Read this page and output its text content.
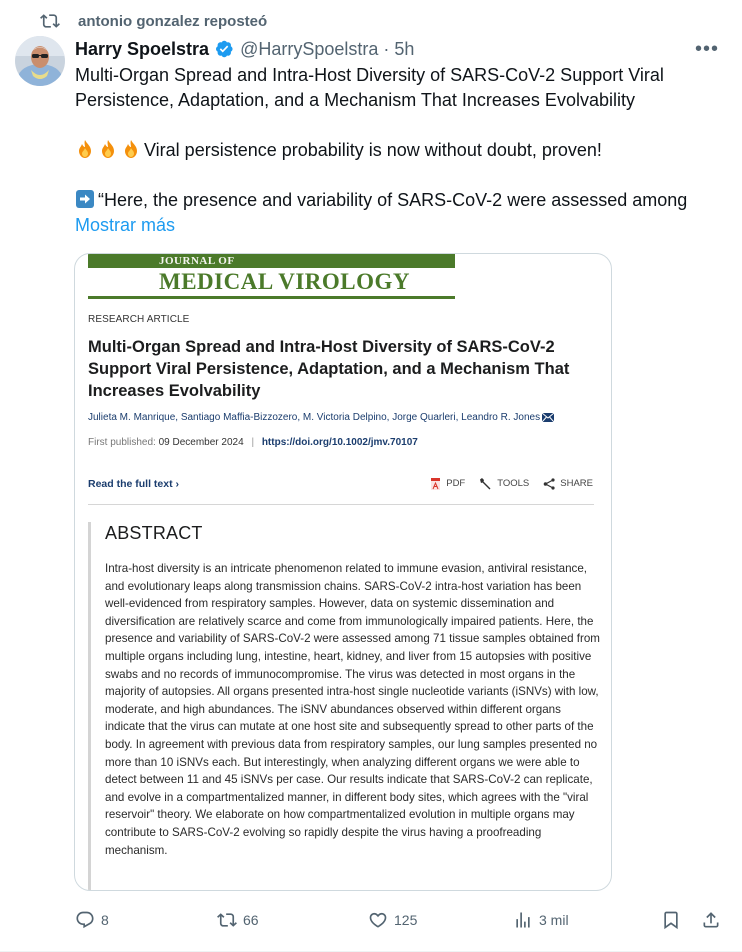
antonio gonzalez reposteó
Harry Spoelstra @HarrySpoelstra · 5h	•••

Multi-Organ Spread and Intra-Host Diversity of SARS-CoV-2 Support Viral Persistence, Adaptation, and a Mechanism That Increases Evolvability

Viral persistence probability is now without doubt, proven!

“Here, the presence and variability of SARS-CoV-2 were assessed among

Mostrar más
JOURNAL OF
MEDICAL VIROLOGY
RESEARCH ARTICLE
Multi-Organ Spread and Intra-Host Diversity of SARS-CoV-2 Support Viral Persistence, Adaptation, and a Mechanism That Increases Evolvability
Julieta M. Manrique, Santiago Maffia-Bizzozero, M. Victoria Delpino, Jorge Quarleri, Leandro R. Jones
First published: 09 December 2024 | https://doi.org/10.1002/jmv.70107
Read the full text ›	PDF	TOOLS	SHARE
ABSTRACT
Intra-host diversity is an intricate phenomenon related to immune evasion, antiviral resistance, and evolutionary leaps along transmission chains. SARS-CoV-2 intra-host variation has been well-evidenced from respiratory samples. However, data on systemic dissemination and diversification are relatively scarce and come from immunologically impaired patients. Here, the presence and variability of SARS-CoV-2 were assessed among 71 tissue samples obtained from multiple organs including lung, intestine, heart, kidney, and liver from 15 autopsies with positive swabs and no records of immunocompromise. The virus was detected in most organs in the majority of autopsies. All organs presented intra-host single nucleotide variants (iSNVs) with low, moderate, and high abundances. The iSNV abundances observed within different organs indicate that the virus can mutate at one host site and subsequently spread to other parts of the body. In agreement with previous data from respiratory samples, our lung samples presented no more than 10 iSNVs each. But interestingly, when analyzing different organs we were able to detect between 11 and 45 iSNVs per case. Our results indicate that SARS-CoV-2 can replicate, and evolve in a compartmentalized manner, in different body sites, which agrees with the "viral reservoir" theory. We elaborate on how compartmentalized evolution in multiple organs may contribute to SARS-CoV-2 evolving so rapidly despite the virus having a proofreading mechanism.
8	66	125	3 mil
